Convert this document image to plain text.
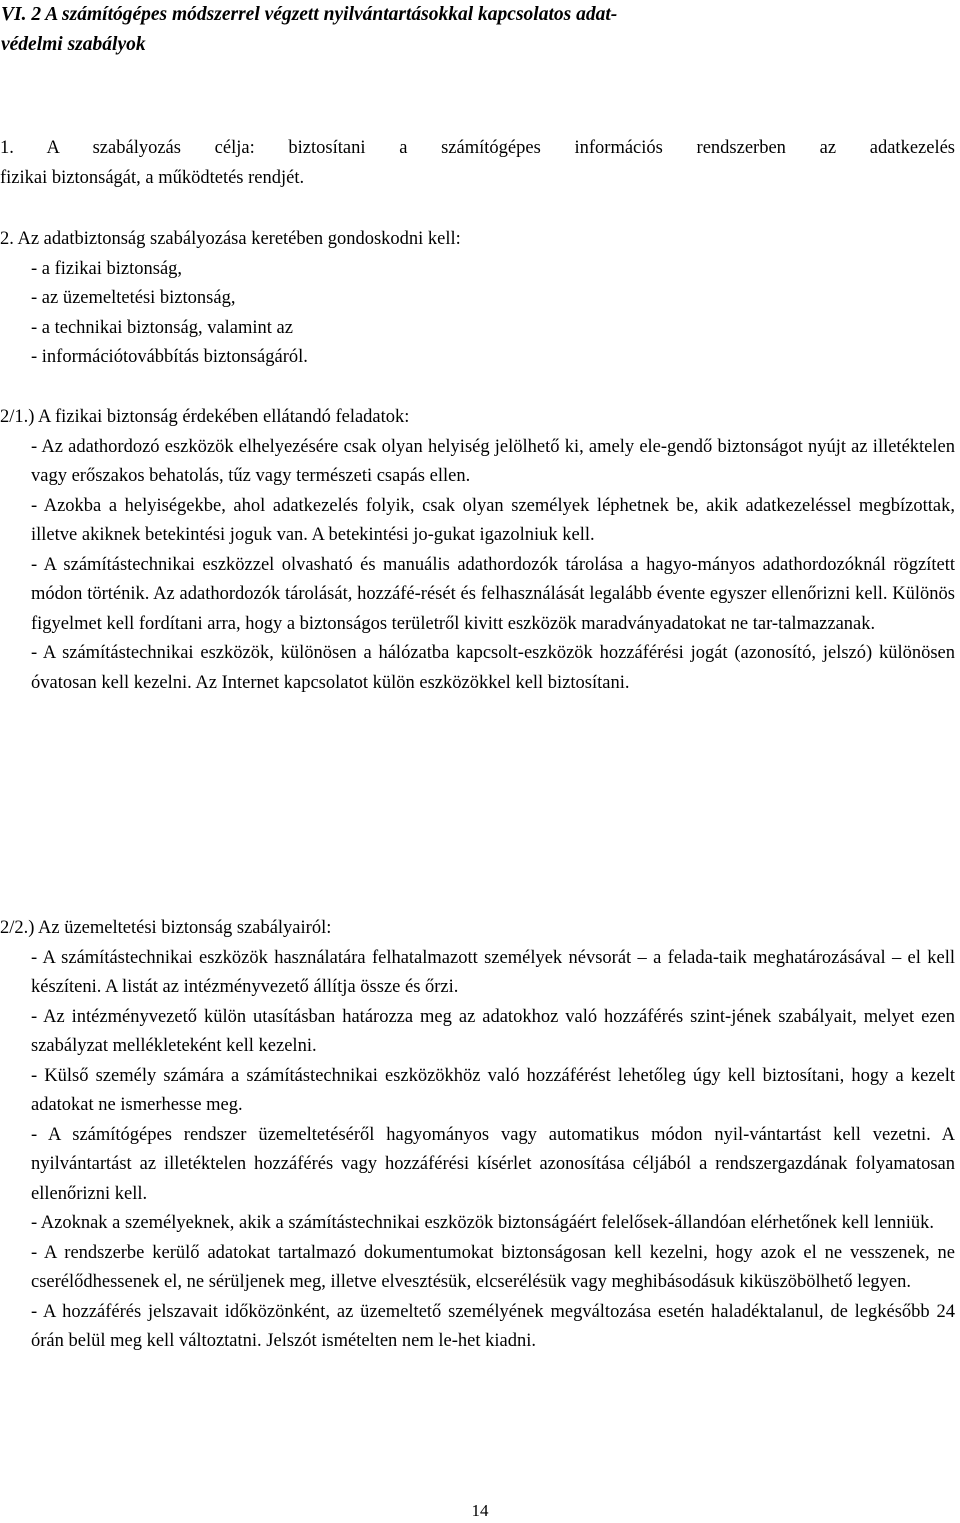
VI. 2 A számítógépes módszerrel végzett nyilvántartásokkal kapcsolatos adat-
védelmi szabályok

1. A szabályozás célja: biztosítani a számítógépes információs rendszerben az adatkezelés

fizikai biztonságát, a működtetés rendjét.

2. Az adatbiztonság szabályozása keretében gondoskodni kell:

- a fizikai biztonság,

- az üzemeltetési biztonság,

- a technikai biztonság, valamint az

- információtovábbítás biztonságáról.

2/1.) A fizikai biztonság érdekében ellátandó feladatok:

- Az adathordozó eszközök elhelyezésére csak olyan helyiség jelölhető ki, amely ele-gendő biztonságot nyújt az illetéktelen vagy erőszakos behatolás, tűz vagy természeti csapás ellen.

- Azokba a helyiségekbe, ahol adatkezelés folyik, csak olyan személyek léphetnek be, akik adatkezeléssel megbízottak, illetve akiknek betekintési joguk van. A betekintési jo-gukat igazolniuk kell.

- A számítástechnikai eszközzel olvasható és manuális adathordozók tárolása a hagyo-mányos adathordozóknál rögzített módon történik. Az adathordozók tárolását, hozzáfé-rését és felhasználását legalább évente egyszer ellenőrizni kell. Különös figyelmet kell fordítani arra, hogy a biztonságos területről kivitt eszközök maradványadatokat ne tar-talmazzanak.

- A számítástechnikai eszközök, különösen a hálózatba kapcsolt-eszközök hozzáférési jogát (azonosító, jelszó) különösen óvatosan kell kezelni. Az Internet kapcsolatot külön eszközökkel kell biztosítani.

2/2.) Az üzemeltetési biztonság szabályairól:

- A számítástechnikai eszközök használatára felhatalmazott személyek névsorát – a felada-taik meghatározásával – el kell készíteni. A listát az intézményvezető állítja össze és őrzi.

- Az intézményvezető külön utasításban határozza meg az adatokhoz való hozzáférés szint-jének szabályait, melyet ezen szabályzat mellékleteként kell kezelni.

- Külső személy számára a számítástechnikai eszközökhöz való hozzáférést lehetőleg úgy kell biztosítani, hogy a kezelt adatokat ne ismerhesse meg.

- A számítógépes rendszer üzemeltetéséről hagyományos vagy automatikus módon nyil-vántartást kell vezetni. A nyilvántartást az illetéktelen hozzáférés vagy hozzáférési kísérlet azonosítása céljából a rendszergazdának folyamatosan ellenőrizni kell.

- Azoknak a személyeknek, akik a számítástechnikai eszközök biztonságáért felelősek-állandóan elérhetőnek kell lenniük.

- A rendszerbe kerülő adatokat tartalmazó dokumentumokat biztonságosan kell kezelni, hogy azok el ne vesszenek, ne cserélődhessenek el, ne sérüljenek meg, illetve elvesztésük, elcserélésük vagy meghibásodásuk kiküszöbölhető legyen.

- A hozzáférés jelszavait időközönként, az üzemeltető személyének megváltozása esetén haladéktalanul, de legkésőbb 24 órán belül meg kell változtatni. Jelszót ismételten nem le-het kiadni.

14
